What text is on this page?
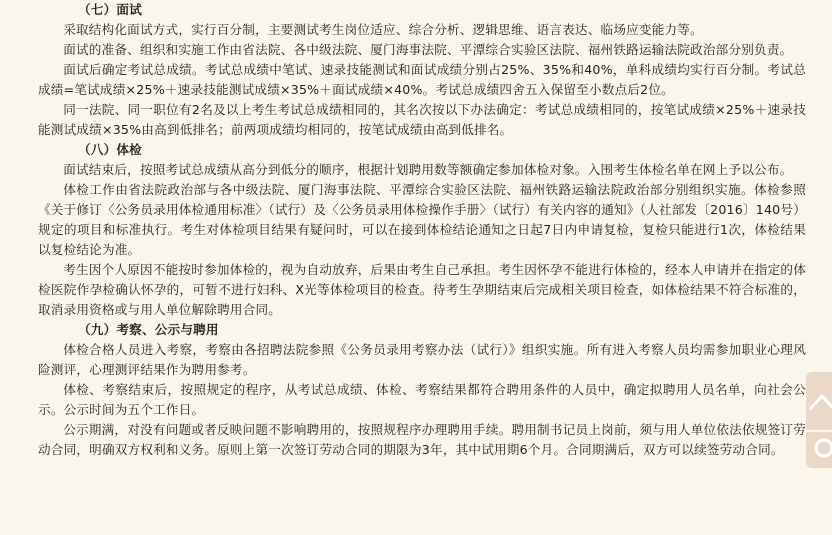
（七）面试

采取结构化面试方式，实行百分制，主要测试考生岗位适应、综合分析、逻辑思维、语言表达、临场应变能力等。

面试的准备、组织和实施工作由省法院、各中级法院、厦门海事法院、平潭综合实验区法院、福州铁路运输法院政治部分别负责。

面试后确定考试总成绩。考试总成绩中笔试、速录技能测试和面试成绩分别占25%、35%和40%，单科成绩均实行百分制。考试总成绩=笔试成绩×25%＋速录技能测试成绩×35%＋面试成绩×40%。考试总成绩四舍五入保留至小数点后2位。

同一法院、同一职位有2名及以上考生考试总成绩相同的，其名次按以下办法确定：考试总成绩相同的，按笔试成绩×25%＋速录技能测试成绩×35%由高到低排名；前两项成绩均相同的，按笔试成绩由高到低排名。

（八）体检

面试结束后，按照考试总成绩从高分到低分的顺序，根据计划聘用数等额确定参加体检对象。入围考生体检名单在网上予以公布。

体检工作由省法院政治部与各中级法院、厦门海事法院、平潭综合实验区法院、福州铁路运输法院政治部分别组织实施。体检参照《关于修订〈公务员录用体检通用标准〉（试行）及〈公务员录用体检操作手册〉（试行）有关内容的通知》（人社部发〔2016〕140号）规定的项目和标准执行。考生对体检项目结果有疑问时，可以在接到体检结论通知之日起7日内申请复检，复检只能进行1次，体检结果以复检结论为准。

考生因个人原因不能按时参加体检的，视为自动放弃，后果由考生自己承担。考生因怀孕不能进行体检的，经本人申请并在指定的体检医院作孕检确认怀孕的，可暂不进行妇科、X光等体检项目的检查。待考生孕期结束后完成相关项目检查，如体检结果不符合标准的，取消录用资格或与用人单位解除聘用合同。

（九）考察、公示与聘用

体检合格人员进入考察，考察由各招聘法院参照《公务员录用考察办法（试行）》组织实施。所有进入考察人员均需参加职业心理风险测评，心理测评结果作为聘用参考。

体检、考察结束后，按照规定的程序，从考试总成绩、体检、考察结果都符合聘用条件的人员中，确定拟聘用人员名单，向社会公示。公示时间为五个工作日。

公示期满，对没有问题或者反映问题不影响聘用的，按照规程序办理聘用手续。聘用制书记员上岗前，须与用人单位依法依规签订劳动合同，明确双方权利和义务。原则上第一次签订劳动合同的期限为3年，其中试用期6个月。合同期满后，双方可以续签劳动合同。
